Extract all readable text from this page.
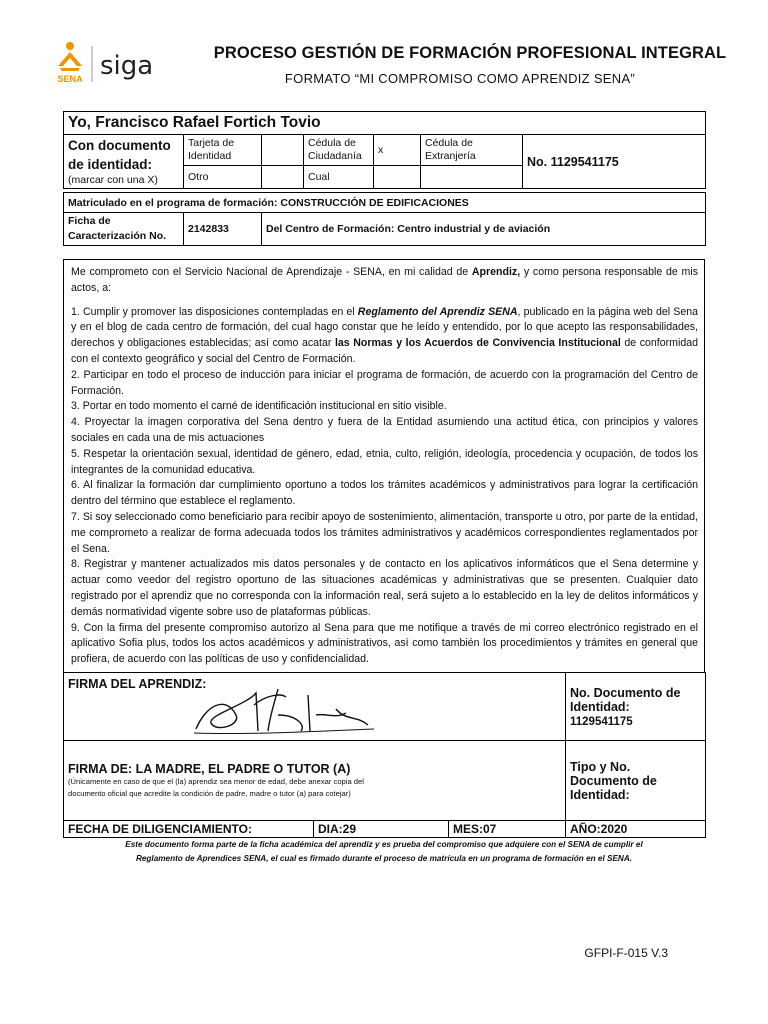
SENA siga	PROCESO GESTIÓN DE FORMACIÓN PROFESIONAL INTEGRAL
FORMATO “MI COMPROMISO COMO APRENDIZ SENA”
Yo, Francisco Rafael Fortich Tovio						

Con documento de identidad:
(marcar con una X)	Tarjeta de Identidad		Cédula de Ciudadanía	x	Cédula de Extranjería	No. 1129541175
	Otro		Cual			
Matriculado en el programa de formación: CONSTRUCCIÓN DE EDIFICACIONES
Ficha de Caracterización No.	2142833	Del Centro de Formación: Centro industrial y de aviación

Me comprometo con el Servicio Nacional de Aprendizaje - SENA, en mi calidad de Aprendiz, y como persona responsable de mis actos, a:

1. Cumplir y promover las disposiciones contempladas en el Reglamento del Aprendiz SENA, publicado en la página web del Sena y en el blog de cada centro de formación, del cual hago constar que he leído y entendido, por lo que acepto las responsabilidades, derechos y obligaciones establecidas; así como acatar las Normas y los Acuerdos de Convivencia Institucional de conformidad con el contexto geográfico y social del Centro de Formación.

2. Participar en todo el proceso de inducción para iniciar el programa de formación, de acuerdo con la programación del Centro de Formación.

3. Portar en todo momento el carné de identificación institucional en sitio visible.

4. Proyectar la imagen corporativa del Sena dentro y fuera de la Entidad asumiendo una actitud ética, con principios y valores sociales en cada una de mis actuaciones

5. Respetar la orientación sexual, identidad de género, edad, etnia, culto, religión, ideología, procedencia y ocupación, de todos los integrantes de la comunidad educativa.

6. Al finalizar la formación dar cumplimiento oportuno a todos los trámites académicos y administrativos para lograr la certificación dentro del término que establece el reglamento.

7. Si soy seleccionado como beneficiario para recibir apoyo de sostenimiento, alimentación, transporte u otro, por parte de la entidad, me comprometo a realizar de forma adecuada todos los trámites administrativos y académicos correspondientes reglamentados por el Sena.

8. Registrar y mantener actualizados mis datos personales y de contacto en los aplicativos informáticos que el Sena determine y actuar como veedor del registro oportuno de las situaciones académicas y administrativas que se presenten. Cualquier dato registrado por el aprendiz que no corresponda con la información real, será sujeto a lo establecido en la ley de delitos informáticos y demás normatividad vigente sobre uso de plataformas públicas.

9. Con la firma del presente compromiso autorizo al Sena para que me notifique a través de mi correo electrónico registrado en el aplicativo Sofia plus, todos los actos académicos y administrativos, así como también los procedimientos y trámites en general que profiera, de acuerdo con las políticas de uso y confidencialidad.

FIRMA DEL APRENDIZ:			No. Documento de Identidad:
1129541175

FIRMA DE: LA MADRE, EL PADRE O TUTOR (A)
(Únicamente en caso de que el (la) aprendiz sea menor de edad, debe anexar copia del documento oficial que acredite la condición de padre, madre o tutor (a) para cotejar)			Tipo y No. Documento de Identidad:
FECHA DE DILIGENCIAMIENTO:	DIA:29	MES:07	AÑO:2020
Este documento forma parte de la ficha académica del aprendiz y es prueba del compromiso que adquiere con el SENA de cumplir el
Reglamento de Aprendices SENA, el cual es firmado durante el proceso de matrícula en un programa de formación en el SENA.
GFPI-F-015 V.3
